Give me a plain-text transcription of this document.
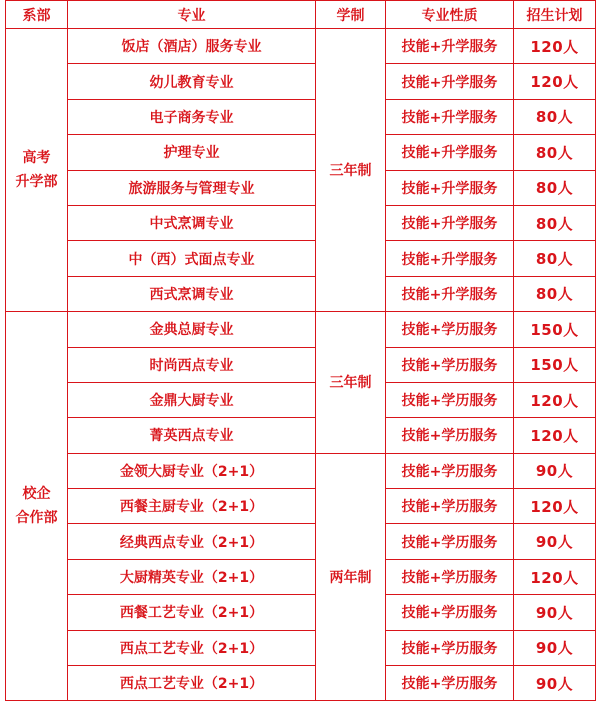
系部	专业	学制	专业性质	招生计划

高考
升学部	饭店（酒店）服务专业	三年制	技能+升学服务	120人
	幼儿教育专业		技能+升学服务	120人
	电子商务专业		技能+升学服务	80人
	护理专业		技能+升学服务	80人
	旅游服务与管理专业		技能+升学服务	80人
	中式烹调专业		技能+升学服务	80人
	中（西）式面点专业		技能+升学服务	80人
	西式烹调专业		技能+升学服务	80人

校企
合作部	金典总厨专业	三年制	技能+学历服务	150人
	时尚西点专业		技能+学历服务	150人
	金鼎大厨专业		技能+学历服务	120人
	菁英西点专业		技能+学历服务	120人
	金领大厨专业（2+1）	两年制	技能+学历服务	90人
	西餐主厨专业（2+1）		技能+学历服务	120人
	经典西点专业（2+1）		技能+学历服务	90人
	大厨精英专业（2+1）		技能+学历服务	120人
	西餐工艺专业（2+1）		技能+学历服务	90人
	西点工艺专业（2+1）		技能+学历服务	90人
	西点工艺专业（2+1）		技能+学历服务	90人
